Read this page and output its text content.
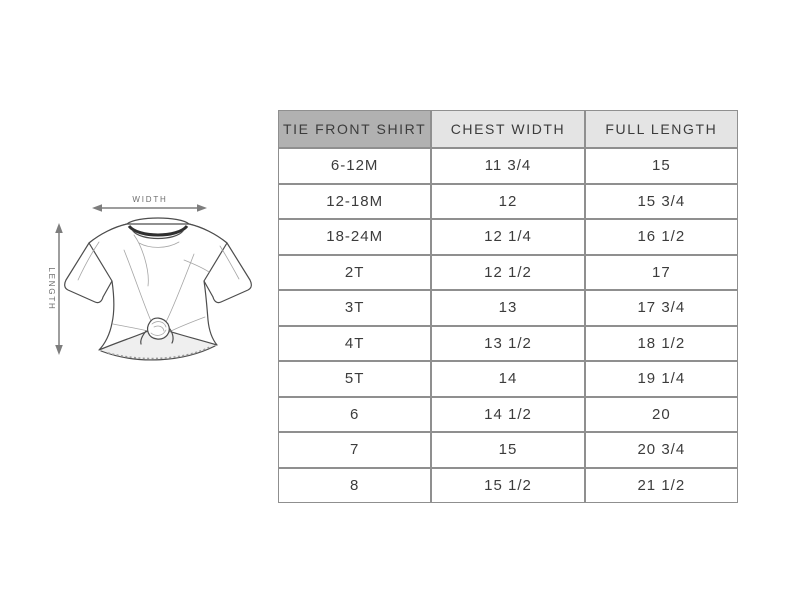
WIDTH
LENGTH
TIE FRONT SHIRT	CHEST WIDTH	FULL LENGTH
6-12M	11 3/4	15
12-18M	12	15 3/4
18-24M	12 1/4	16 1/2
2T	12 1/2	17
3T	13	17 3/4
4T	13 1/2	18 1/2
5T	14	19 1/4
6	14 1/2	20
7	15	20 3/4
8	15 1/2	21 1/2
